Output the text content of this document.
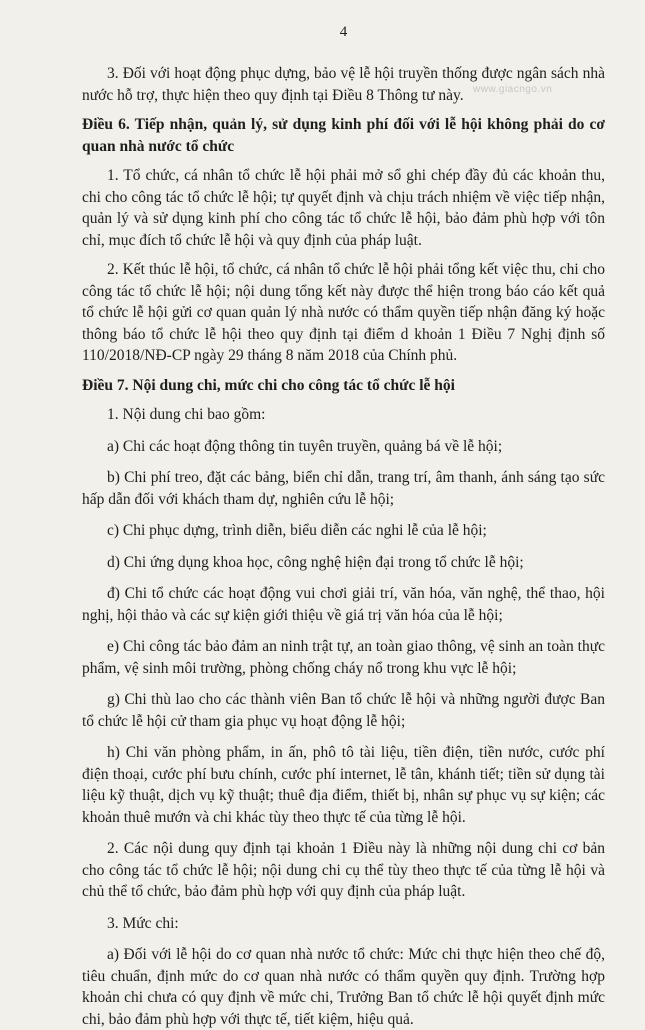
4
www.giacngo.vn

3. Đối với hoạt động phục dựng, bảo vệ lễ hội truyền thống được ngân sách nhà nước hỗ trợ, thực hiện theo quy định tại Điều 8 Thông tư này.

Điều 6. Tiếp nhận, quản lý, sử dụng kinh phí đối với lễ hội không phải do cơ quan nhà nước tổ chức

1. Tổ chức, cá nhân tổ chức lễ hội phải mở sổ ghi chép đầy đủ các khoản thu, chi cho công tác tổ chức lễ hội; tự quyết định và chịu trách nhiệm về việc tiếp nhận, quản lý và sử dụng kinh phí cho công tác tổ chức lễ hội, bảo đảm phù hợp với tôn chỉ, mục đích tổ chức lễ hội và quy định của pháp luật.

2. Kết thúc lễ hội, tổ chức, cá nhân tổ chức lễ hội phải tổng kết việc thu, chi cho công tác tổ chức lễ hội; nội dung tổng kết này được thể hiện trong báo cáo kết quả tổ chức lễ hội gửi cơ quan quản lý nhà nước có thẩm quyền tiếp nhận đăng ký hoặc thông báo tổ chức lễ hội theo quy định tại điểm d khoản 1 Điều 7 Nghị định số 110/2018/NĐ-CP ngày 29 tháng 8 năm 2018 của Chính phủ.

Điều 7. Nội dung chi, mức chi cho công tác tổ chức lễ hội

1. Nội dung chi bao gồm:

a) Chi các hoạt động thông tin tuyên truyền, quảng bá về lễ hội;

b) Chi phí treo, đặt các bảng, biển chỉ dẫn, trang trí, âm thanh, ánh sáng tạo sức hấp dẫn đối với khách tham dự, nghiên cứu lễ hội;

c) Chi phục dựng, trình diễn, biểu diễn các nghi lễ của lễ hội;

d) Chi ứng dụng khoa học, công nghệ hiện đại trong tổ chức lễ hội;

đ) Chi tổ chức các hoạt động vui chơi giải trí, văn hóa, văn nghệ, thể thao, hội nghị, hội thảo và các sự kiện giới thiệu về giá trị văn hóa của lễ hội;

e) Chi công tác bảo đảm an ninh trật tự, an toàn giao thông, vệ sinh an toàn thực phẩm, vệ sinh môi trường, phòng chống cháy nổ trong khu vực lễ hội;

g) Chi thù lao cho các thành viên Ban tổ chức lễ hội và những người được Ban tổ chức lễ hội cử tham gia phục vụ hoạt động lễ hội;

h) Chi văn phòng phẩm, in ấn, phô tô tài liệu, tiền điện, tiền nước, cước phí điện thoại, cước phí bưu chính, cước phí internet, lễ tân, khánh tiết; tiền sử dụng tài liệu kỹ thuật, dịch vụ kỹ thuật; thuê địa điểm, thiết bị, nhân sự phục vụ sự kiện; các khoản thuê mướn và chi khác tùy theo thực tế của từng lễ hội.

2. Các nội dung quy định tại khoản 1 Điều này là những nội dung chi cơ bản cho công tác tổ chức lễ hội; nội dung chi cụ thể tùy theo thực tế của từng lễ hội và chủ thể tổ chức, bảo đảm phù hợp với quy định của pháp luật.

3. Mức chi:

a) Đối với lễ hội do cơ quan nhà nước tổ chức: Mức chi thực hiện theo chế độ, tiêu chuẩn, định mức do cơ quan nhà nước có thẩm quyền quy định. Trường hợp khoản chi chưa có quy định về mức chi, Trưởng Ban tổ chức lễ hội quyết định mức chi, bảo đảm phù hợp với thực tế, tiết kiệm, hiệu quả.
